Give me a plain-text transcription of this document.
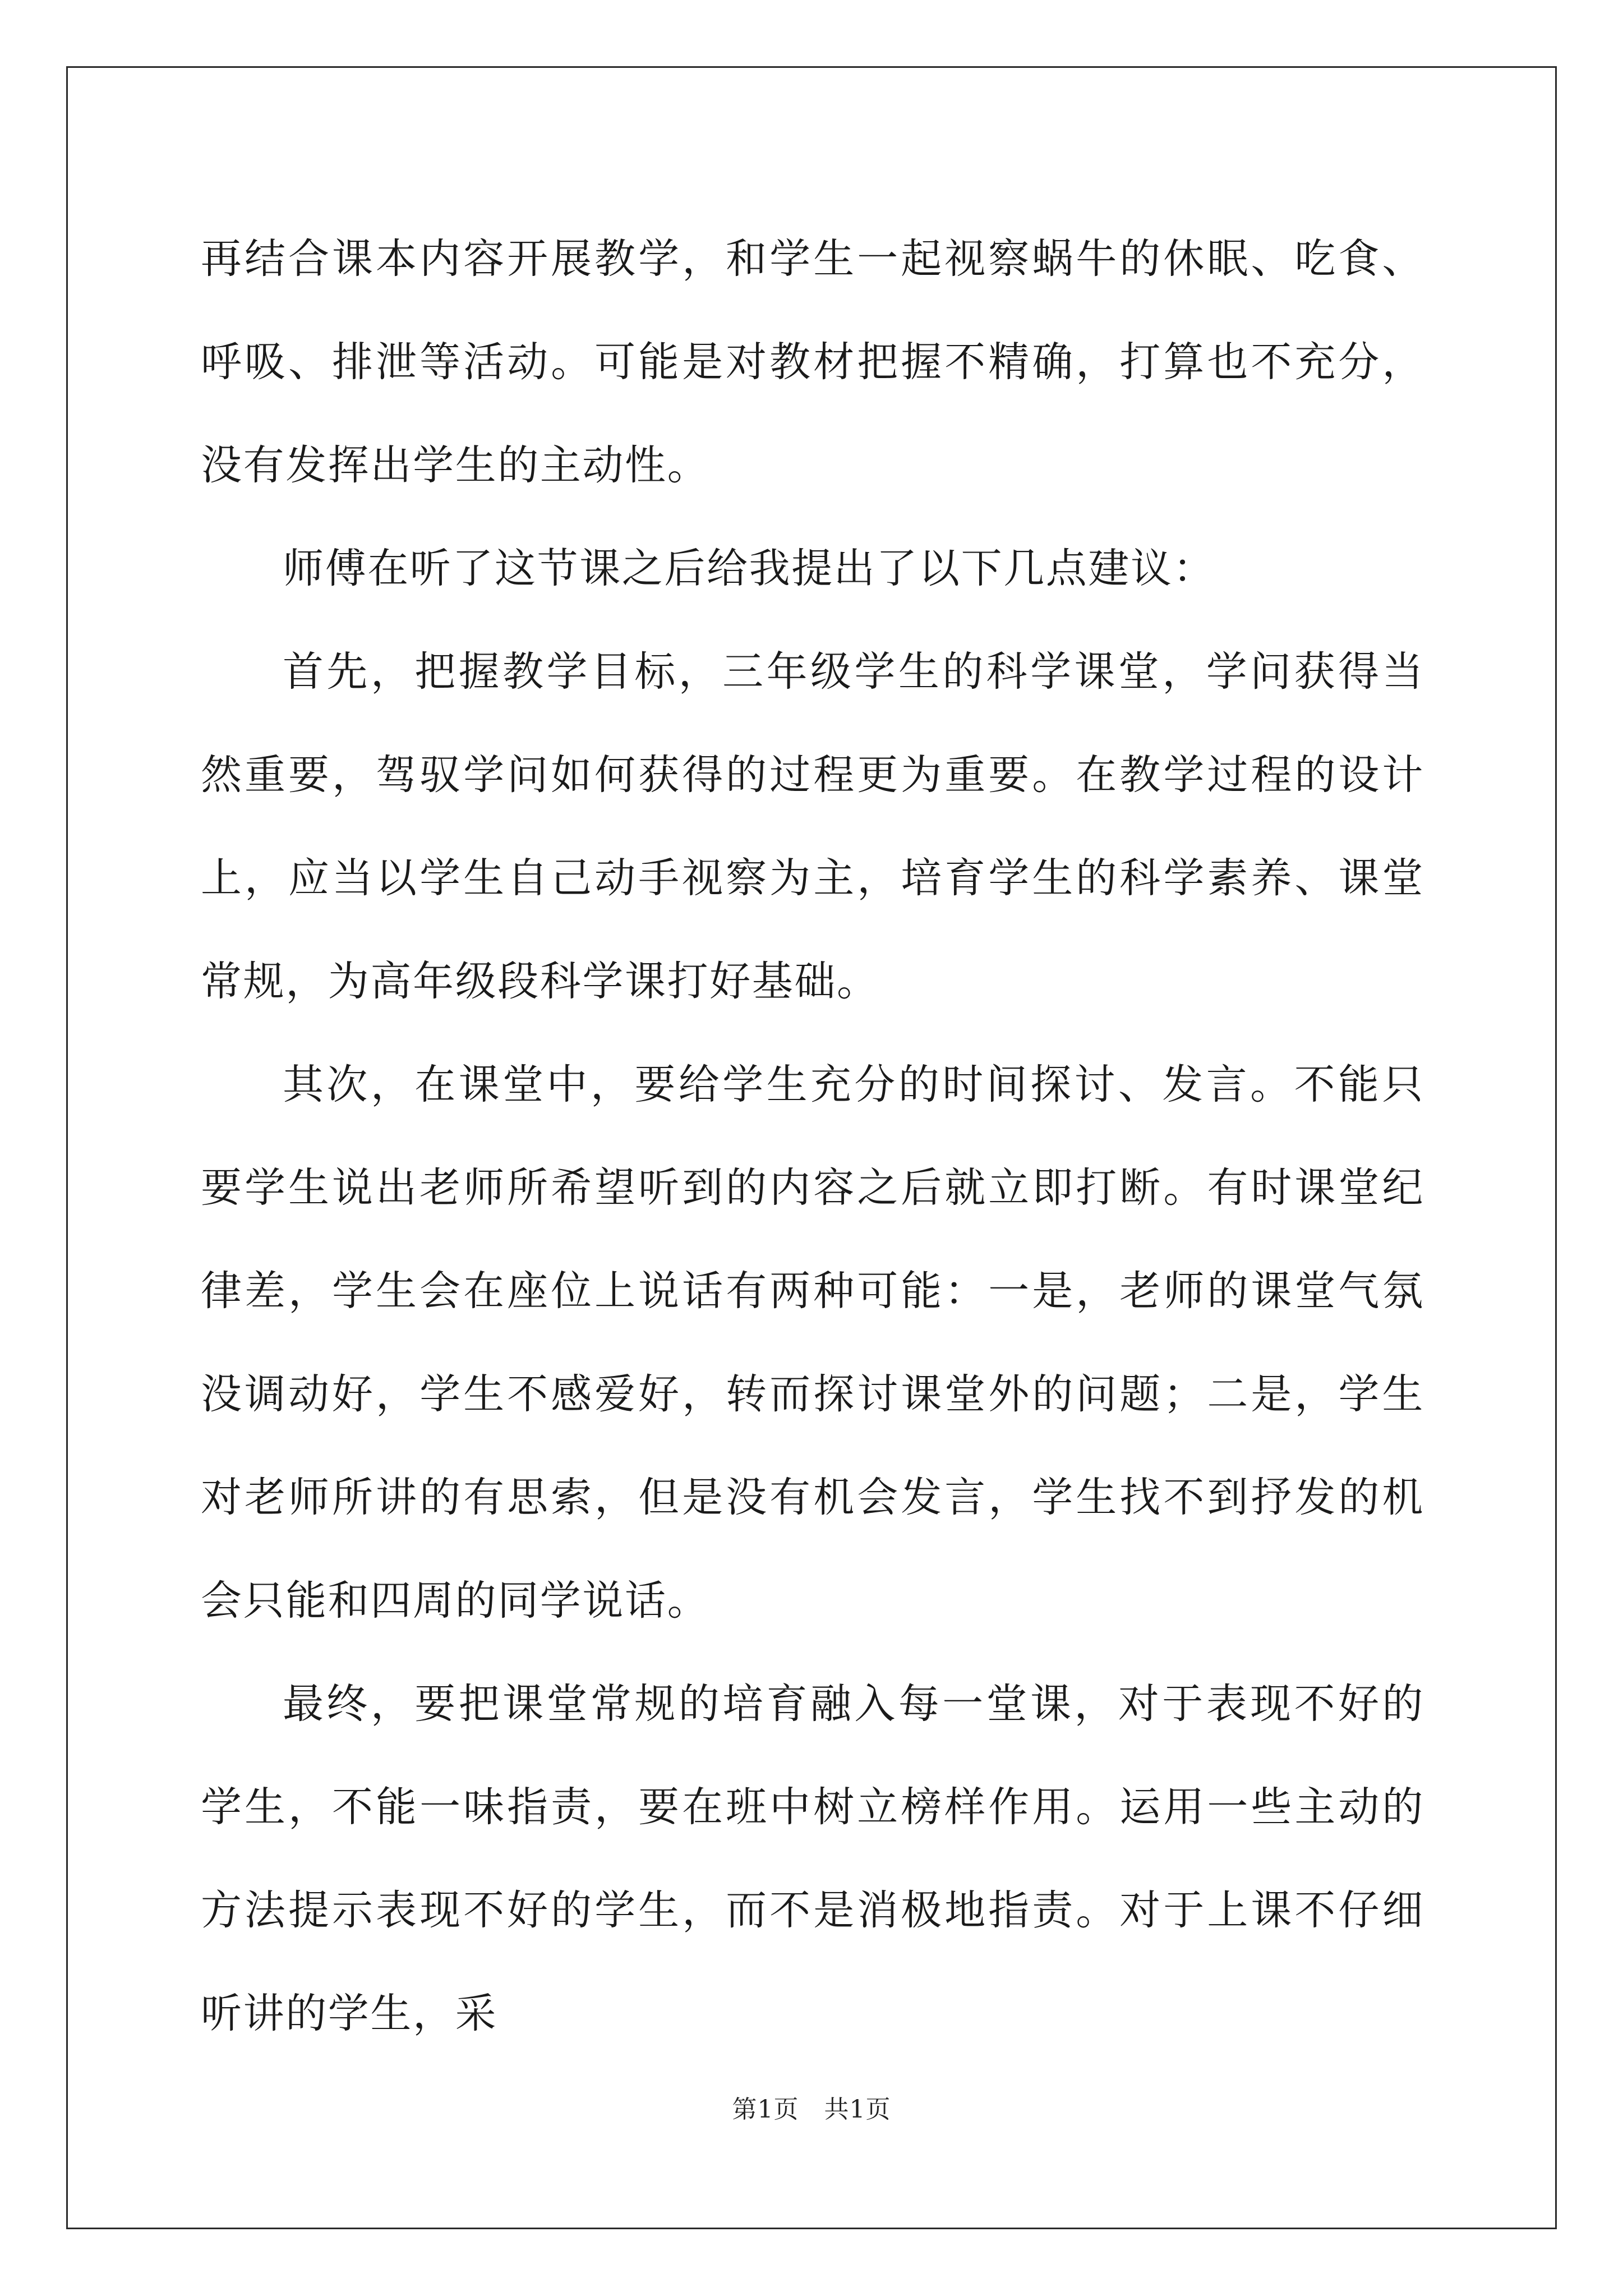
再结合课本内容开展教学，和学生一起视察蜗牛的休眠、吃食、呼吸、排泄等活动。可能是对教材把握不精确，打算也不充分，没有发挥出学生的主动性。

师傅在听了这节课之后给我提出了以下几点建议：

首先，把握教学目标，三年级学生的科学课堂，学问获得当然重要，驾驭学问如何获得的过程更为重要。在教学过程的设计上，应当以学生自己动手视察为主，培育学生的科学素养、课堂常规，为高年级段科学课打好基础。

其次，在课堂中，要给学生充分的时间探讨、发言。不能只要学生说出老师所希望听到的内容之后就立即打断。有时课堂纪律差，学生会在座位上说话有两种可能：一是，老师的课堂气氛没调动好，学生不感爱好，转而探讨课堂外的问题；二是，学生对老师所讲的有思索，但是没有机会发言，学生找不到抒发的机会只能和四周的同学说话。

最终，要把课堂常规的培育融入每一堂课，对于表现不好的学生，不能一味指责，要在班中树立榜样作用。运用一些主动的方法提示表现不好的学生，而不是消极地指责。对于上课不仔细听讲的学生，采

第1页　共1页
